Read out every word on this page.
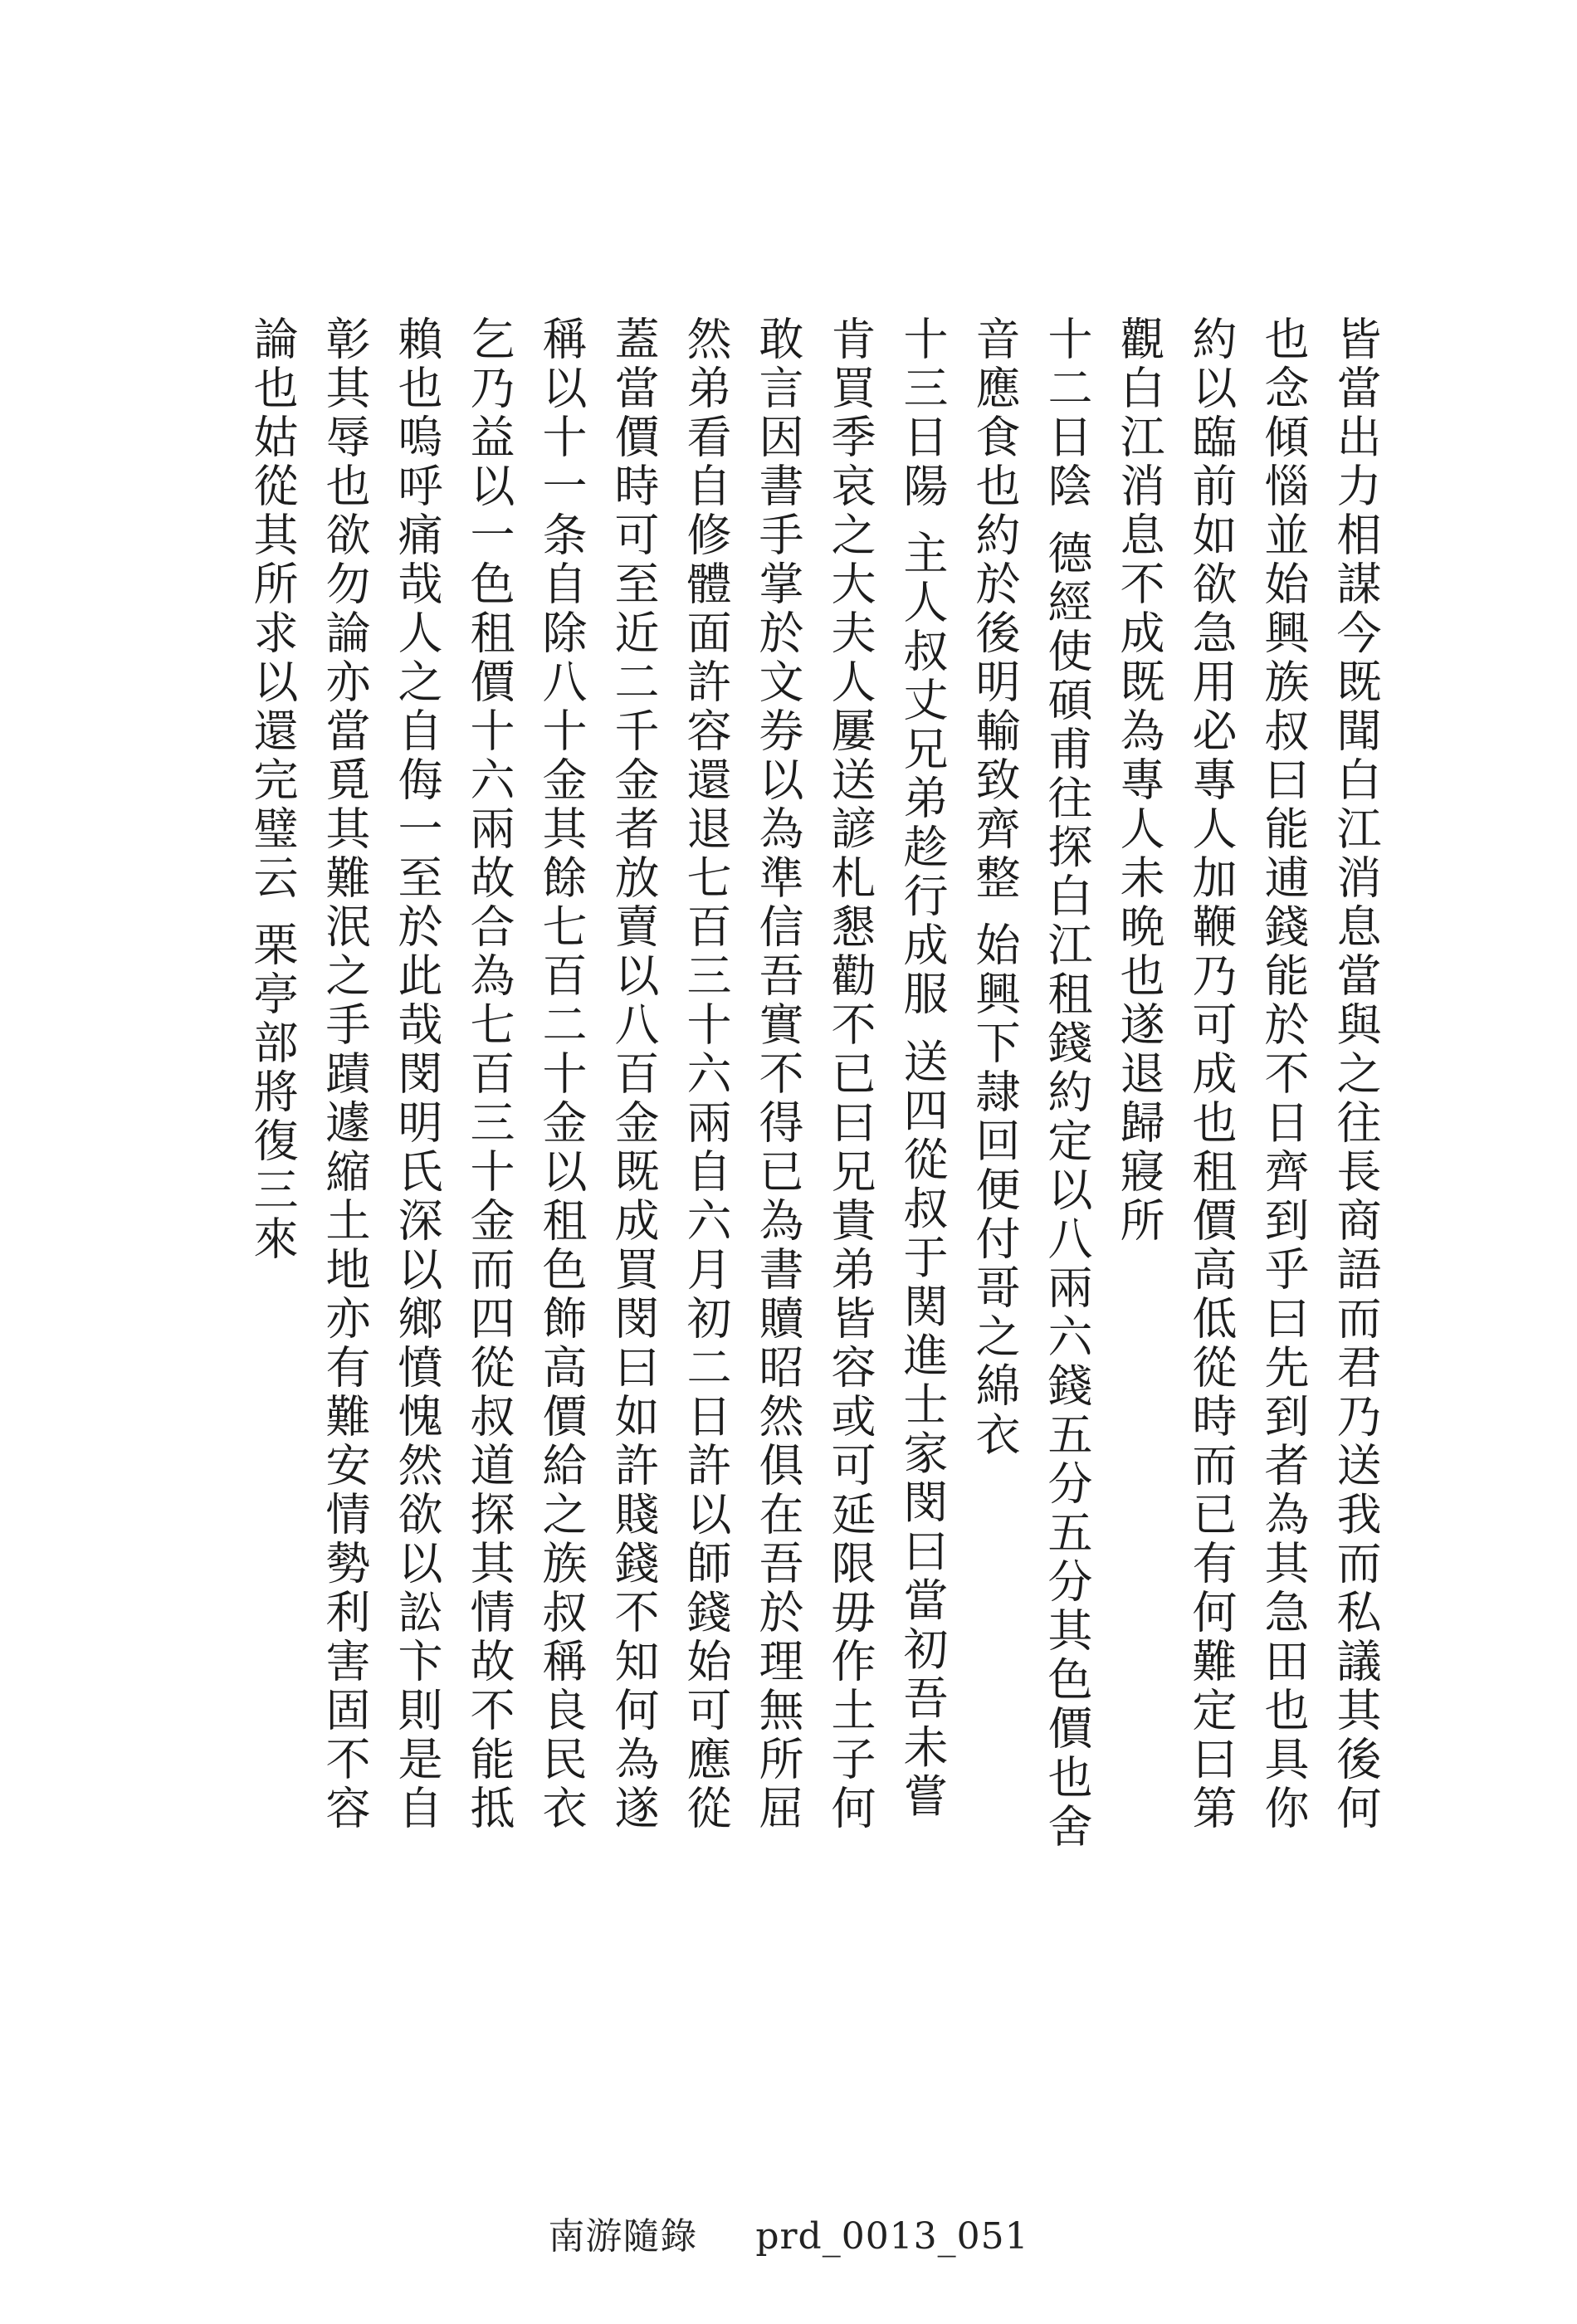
皆當出力相謀今既聞白江消息當與之往長商語而君乃送我而私議其後何
也念傾惱並始興族叔曰能逋錢能於不日齊到乎曰先到者為其急田也具你
約以臨前如欲急用必專人加鞭乃可成也租價高低從時而已有何難定曰第
觀白江消息不成既為專人未晩也遂退歸寢所
十二日陰 德經使碩甫往探白江租錢約定以八兩六錢五分五分其色價也舍
音應食也約於後明輸致齊整 始興下隷回便付哥之綿衣
十三日陽 主人叔丈兄弟趁行成服 送四從叔于関進士家閔曰當初吾未嘗
肯買季哀之大夫人屢送諺札懇勸不已曰兄貴弟皆容或可延限毋作土子何
敢言因書手掌於文券以為準信吾實不得已為書贖昭然俱在吾於理無所屈
然弟看自修體面許容還退七百三十六兩自六月初二日許以師錢始可應從
蓋當價時可至近二千金者放賣以八百金既成買閔曰如許賤錢不知何為遂
稱以十一条自除八十金其餘七百二十金以租色飾高價給之族叔稱良民衣
乞乃益以一色租價十六兩故合為七百三十金而四從叔道探其情故不能抵
賴也嗚呼痛哉人之自侮一至於此哉閔明氏深以鄉憤愧然欲以訟卞則是自
彰其辱也欲勿論亦當覓其難泯之手蹟遽縮土地亦有難安情勢利害固不容
論也姑從其所求以還完璧云 栗亭部將復三來
南游隨錄 prd_0013_051
